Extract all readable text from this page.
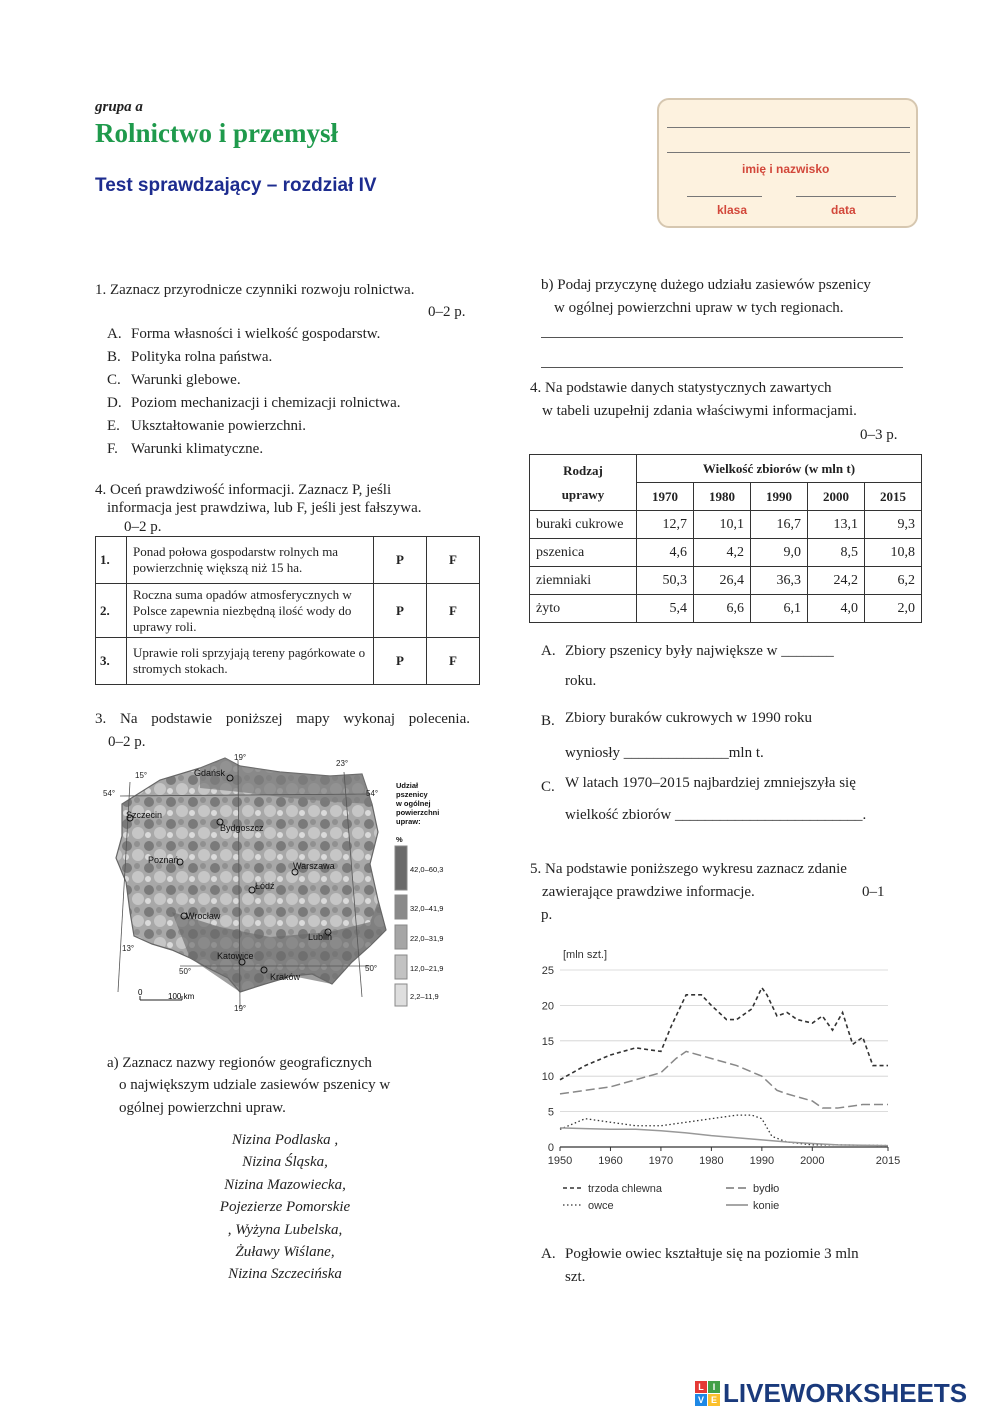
grupa a
Rolnictwo i przemysł
Test sprawdzający – rozdział IV
imię i nazwisko
klasa	data
1. Zaznacz przyrodnicze czynniki rozwoju rolnictwa.
0–2 p.
A. Forma własności i wielkość gospodarstw.
B. Polityka rolna państwa.
C. Warunki glebowe.
D. Poziom mechanizacji i chemizacji rolnictwa.
E. Ukształtowanie powierzchni.
F. Warunki klimatyczne.
4. Oceń prawdziwość informacji. Zaznacz P, jeśli
informacja jest prawdziwa, lub F, jeśli jest fałszywa.
0–2 p.
1.	Ponad połowa gospodarstw rolnych ma powierzchnię większą niż 15 ha.	P	F
2.	Roczna suma opadów atmosferycznych w Polsce zapewnia niezbędną ilość wody do uprawy roli.	P	F
3.	Uprawie roli sprzyjają tereny pagórkowate o stromych stokach.	P	F
3. Na podstawie poniższej mapy wykonaj polecenia.
0–2 p.
15°
19°
23°
13°
19°
54°	54°
50°	50°
Gdańsk
Szczecin
Bydgoszcz
Poznań
Warszawa
Łódź
Lublin
Wrocław
Katowice
Kraków
0	100 km
Udział
pszenicy
w ogólnej
powierzchni
upraw:
%
42,0–60,3
32,0–41,9
22,0–31,9
12,0–21,9
2,2–11,9
a) Zaznacz nazwy regionów geograficznych
o największym udziale zasiewów pszenicy w
ogólnej powierzchni upraw.
Nizina Podlaska ,
Nizina Śląska,
Nizina Mazowiecka,
Pojezierze Pomorskie
, Wyżyna Lubelska,
Żuławy Wiślane,
Nizina Szczecińska
b) Podaj przyczynę dużego udziału zasiewów pszenicy
w ogólnej powierzchni upraw w tych regionach.
4. Na podstawie danych statystycznych zawartych
w tabeli uzupełnij zdania właściwymi informacjami.
0–3 p.
Rodzaj
uprawy	Wielkość zbiorów (w mln t)				
	1970	1980	1990	2000	2015
buraki cukrowe	12,7	10,1	16,7	13,1	9,3
pszenica	4,6	4,2	9,0	8,5	10,8
ziemniaki	50,3	26,4	36,3	24,2	6,2
żyto	5,4	6,6	6,1	4,0	2,0
A. Zbiory pszenicy były największe w _______
roku.
B. Zbiory buraków cukrowych w 1990 roku
wyniosły ______________mln t.
C. W latach 1970–2015 najbardziej zmniejszyła się
wielkość zbiorów _________________________.
5. Na podstawie poniższego wykresu zaznacz zdanie
zawierające prawdziwe informacje.	0–1
p.
0
5
10
15
20
25
1950 1960 1970 1980 1990 2000	2015
[mln szt.]
trzoda chlewna	bydło
owce	konie
A. Pogłowie owiec kształtuje się na poziomie 3 mln
szt.
L I
V E LIVEWORKSHEETS
